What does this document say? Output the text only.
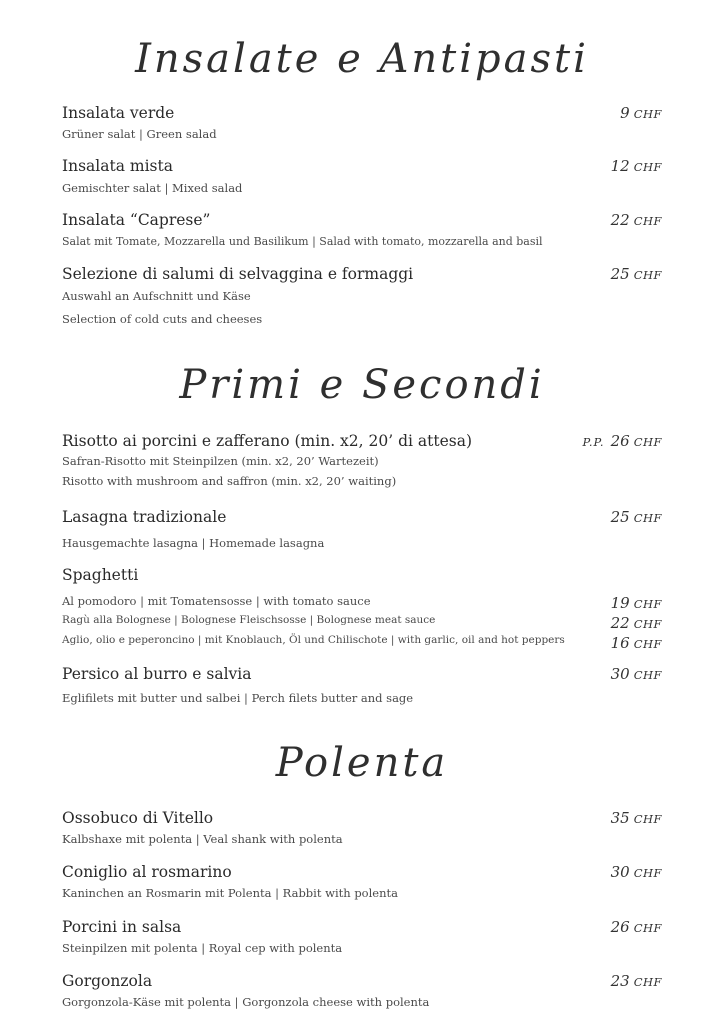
Insalate e Antipasti
Insalata verde
Grüner salat | Green salad
9 CHF
Insalata mista
Gemischter salat | Mixed salad
12 CHF
Insalata “Caprese”
Salat mit Tomate, Mozzarella und Basilikum | Salad with tomato, mozzarella and basil
22 CHF
Selezione di salumi di selvaggina e formaggi
Auswahl an Aufschnitt und Käse
Selection of cold cuts and cheeses
25 CHF
Primi e Secondi
Risotto ai porcini e zafferano (min. x2, 20’ di attesa)
Safran-Risotto mit Steinpilzen (min. x2, 20’ Wartezeit)
Risotto with mushroom and saffron (min. x2, 20’ waiting)
P.P. 26 CHF
Lasagna tradizionale
Hausgemachte lasagna | Homemade lasagna
25 CHF
Spaghetti
Al pomodoro | mit Tomatensosse | with tomato sauce	19 CHF
Ragù alla Bolognese | Bolognese Fleischsosse | Bolognese meat sauce	22 CHF
Aglio, olio e peperoncino | mit Knoblauch, Öl und Chilischote | with garlic, oil and hot peppers	16 CHF
Persico al burro e salvia
Eglifilets mit butter und salbei | Perch filets butter and sage
30 CHF
Polenta
Ossobuco di Vitello
Kalbshaxe mit polenta | Veal shank with polenta
35 CHF
Coniglio al rosmarino
Kaninchen an Rosmarin mit Polenta | Rabbit with polenta
30 CHF
Porcini in salsa
Steinpilzen mit polenta | Royal cep with polenta
26 CHF
Gorgonzola
Gorgonzola-Käse mit polenta | Gorgonzola cheese with polenta
23 CHF
